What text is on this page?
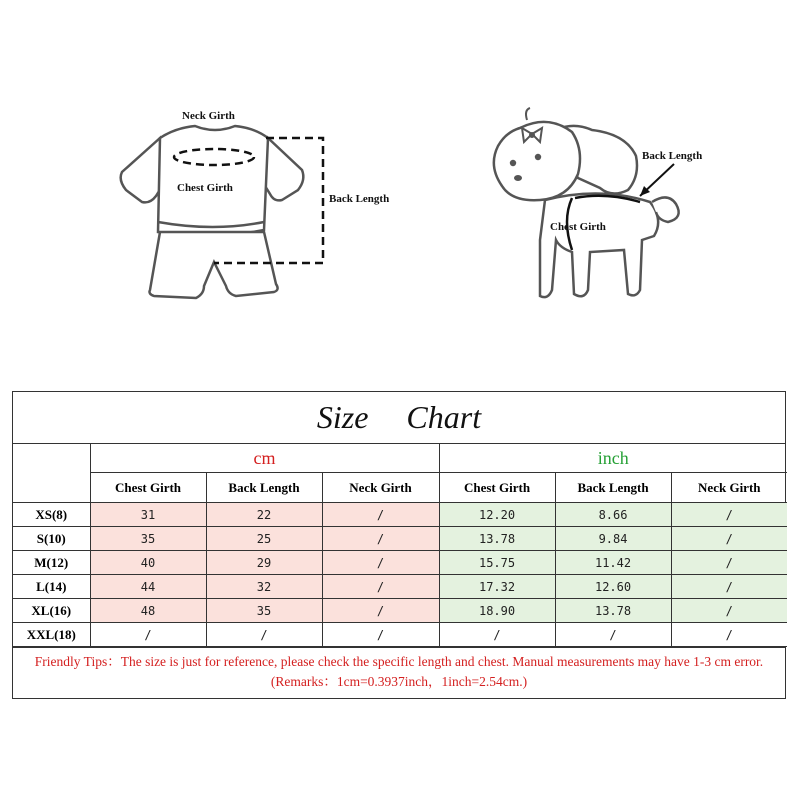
Neck Girth
Chest Girth
Back Length
Back Length
Chest Girth
Size Chart
	cm			inch		
	Chest Girth	Back Length	Neck Girth	Chest Girth	Back Length	Neck Girth
XS(8)	31	22	/	12.20	8.66	/
S(10)	35	25	/	13.78	9.84	/
M(12)	40	29	/	15.75	11.42	/
L(14)	44	32	/	17.32	12.60	/
XL(16)	48	35	/	18.90	13.78	/
XXL(18)	/	/	/	/	/	/
Friendly Tips：The size is just for reference, please check the specific length and chest. Manual measurements may have 1-3 cm error. (Remarks：1cm=0.3937inch，1inch=2.54cm.)
